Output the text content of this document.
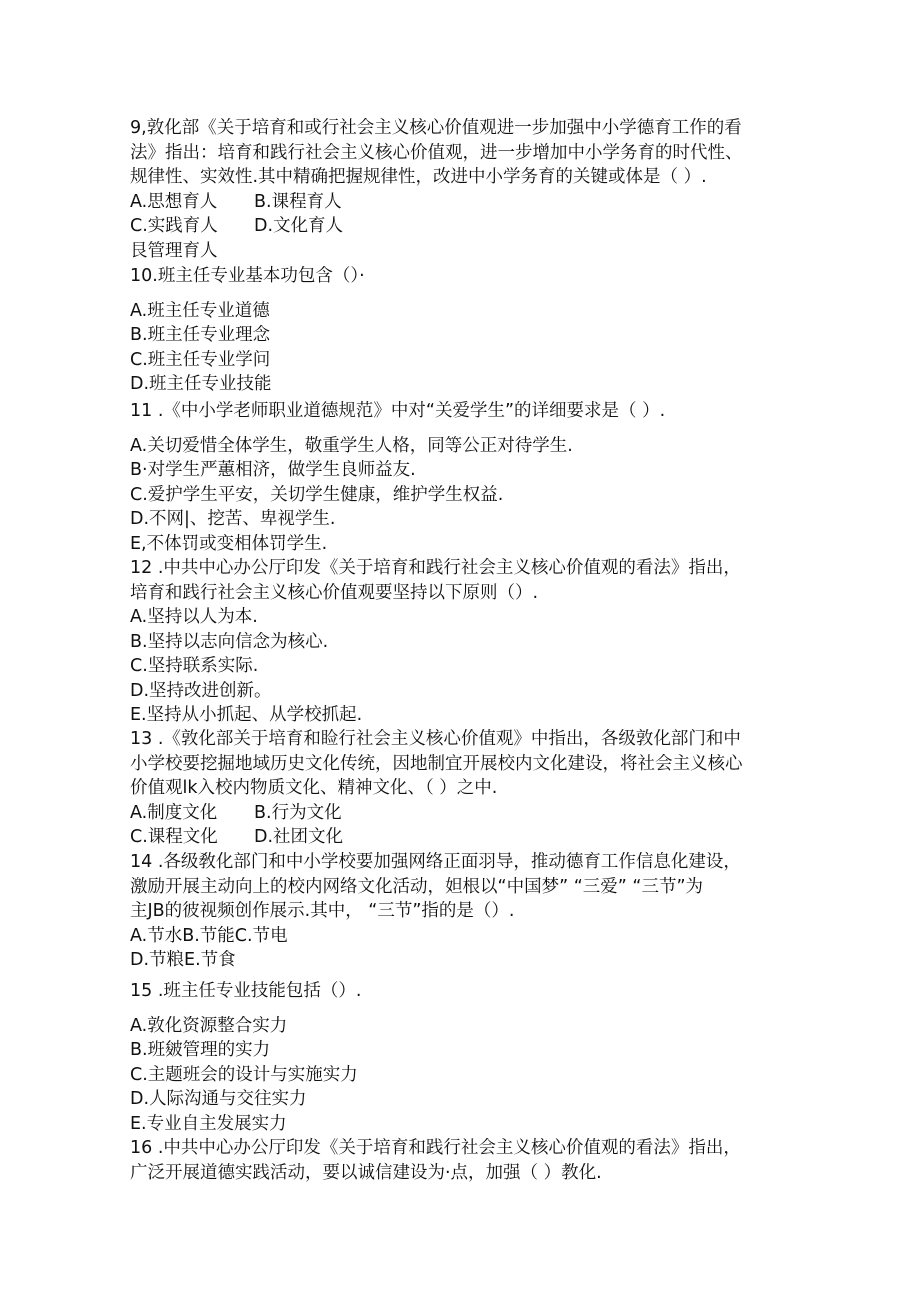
9,敦化部《关于培育和或行社会主义核心价值观进一步加强中小学德育工作的看
法》指出：培育和践行社会主义核心价值观，进一步增加中小学务育的时代性、
规律性、实效性.其中精确把握规律性，改进中小学务育的关键或体是（ ）.
A.思想育人 B.课程育人
C.实践育人 D.文化育人
艮管理育人
10.班主任专业基本功包含（）·
A.班主任专业道德
B.班主任专业理念
C.班主任专业学问
D.班主任专业技能
11 .《中小学老师职业道德规范》中对“关爱学生”的详细要求是（ ）.
A.关切爱惜全体学生，敬重学生人格，同等公正对待学生.
B·对学生严蕙相济，做学生良师益友.
C.爱护学生平安，关切学生健康，维护学生权益.
D.不网|、挖苦、卑视学生.
E,不体罚或变相体罚学生.
12 .中共中心办公厅印发《关于培育和践行社会主义核心价值观的看法》指出，
培育和践行社会主义核心价值观要坚持以下原则（）.
A.坚持以人为本.
B.坚持以志向信念为核心.
C.坚持联系实际.
D.坚持改进创新。
E.坚持从小抓起、从学校抓起.
13 .《敦化部关于培育和睑行社会主义核心价值观》中指出，各级敦化部门和中
小学校要挖掘地域历史文化传统，因地制宜开展校内文化建设，将社会主义核心
价值观lk入校内物质文化、精神文化、（ ）之中.
A.制度文化 B.行为文化
C.课程文化 D.社团文化
14 .各级敎化部门和中小学校要加强网络正面羽导，推动德育工作信息化建设，
激励开展主动向上的校内网络文化活动，妲根以“中国梦” “三爱” “三节”为
主JB的彼视频创作展示.其中， “三节”指的是（）.
A.节水B.节能C.节电
D.节粮E.节食
15 .班主任专业技能包括（）.
A.敦化资源整合实力
B.班皴管理的实力
C.主题班会的设计与实施实力
D.人际沟通与交往实力
E.专业自主发展实力
16 .中共中心办公厅印发《关于培育和践行社会主义核心价值观的看法》指出，
广泛开展道德实践活动，要以诚信建设为·点，加强（ ）教化.
